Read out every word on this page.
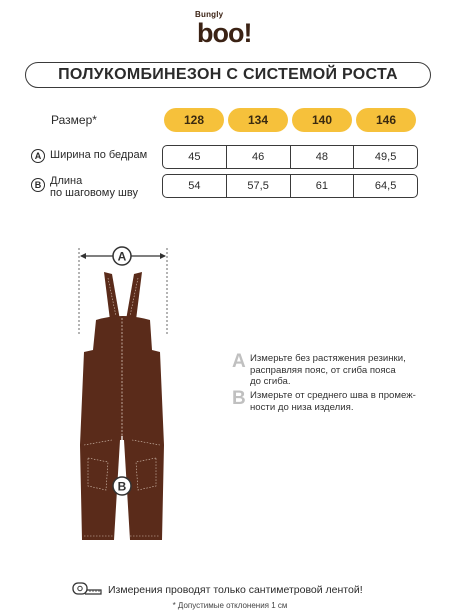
Bungly
boo!
ПОЛУКОМБИНЕЗОН С СИСТЕМОЙ РОСТА
Размер*	128	134	140	146
A Ширина по бедрам	45	46	48	49,5
B Длина
по шаговому шву
54	57,5	61	64,5
A
B
A Измерьте без растяжения резинки,
расправляя пояс, от сгиба пояса
до сгиба.
B Измерьте от среднего шва в промеж-
ности до низа изделия.
Измерения проводят только сантиметровой лентой!
* Допустимые отклонения 1 см
